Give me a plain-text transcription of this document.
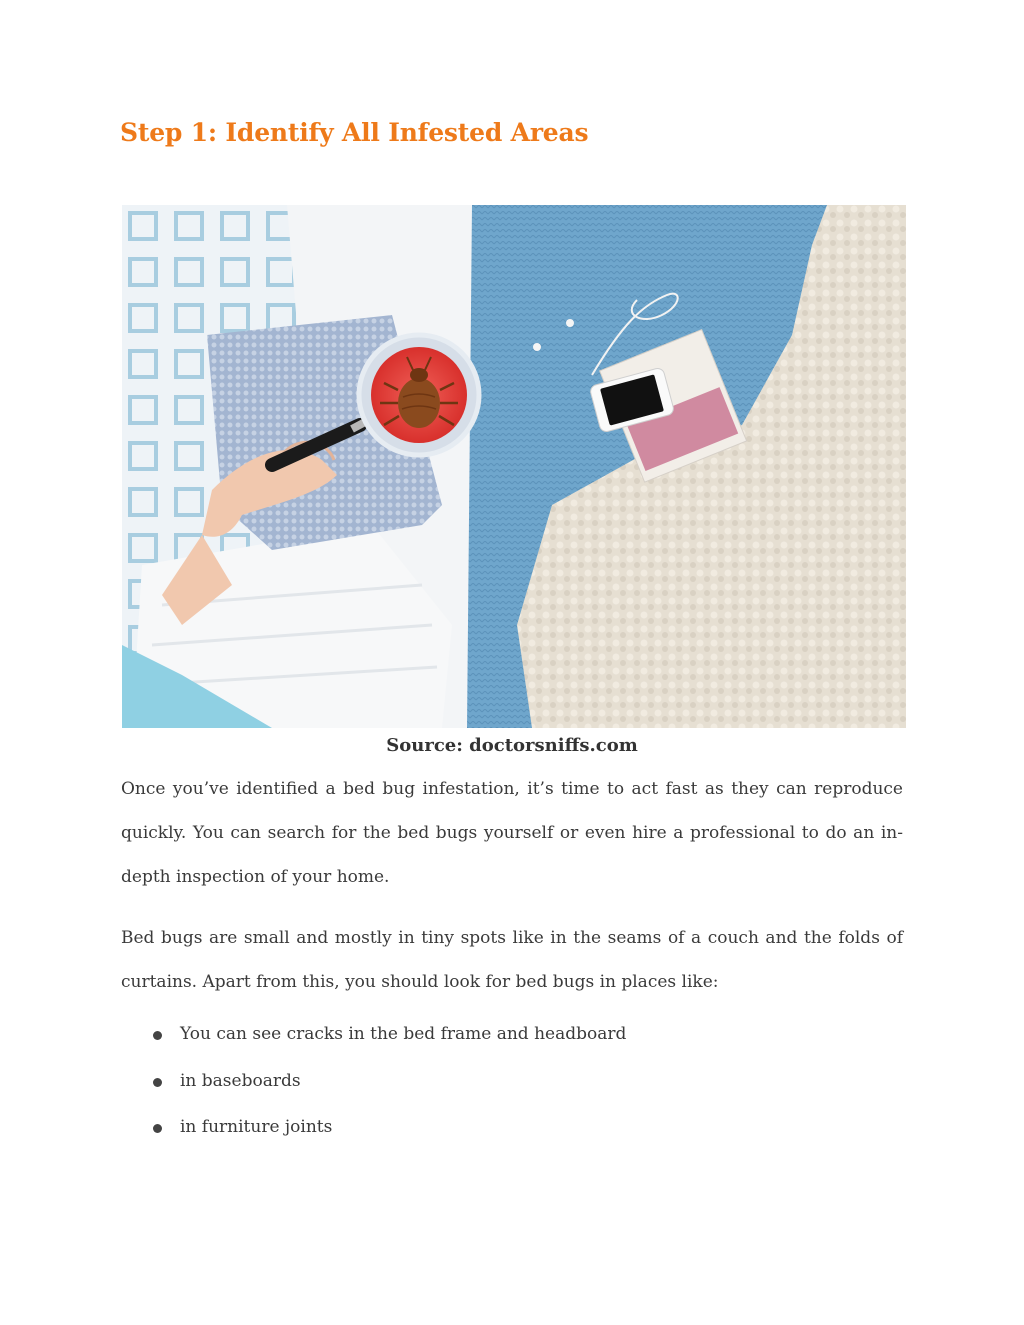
Step 1: Identify All Infested Areas

Source: doctorsniffs.com

Once you’ve identified a bed bug infestation, it’s time to act fast as they can reproduce quickly. You can search for the bed bugs yourself or even hire a professional to do an in-depth inspection of your home.

Bed bugs are small and mostly in tiny spots like in the seams of a couch and the folds of curtains. Apart from this, you should look for bed bugs in places like:

You can see cracks in the bed frame and headboard
in baseboards
in furniture joints
